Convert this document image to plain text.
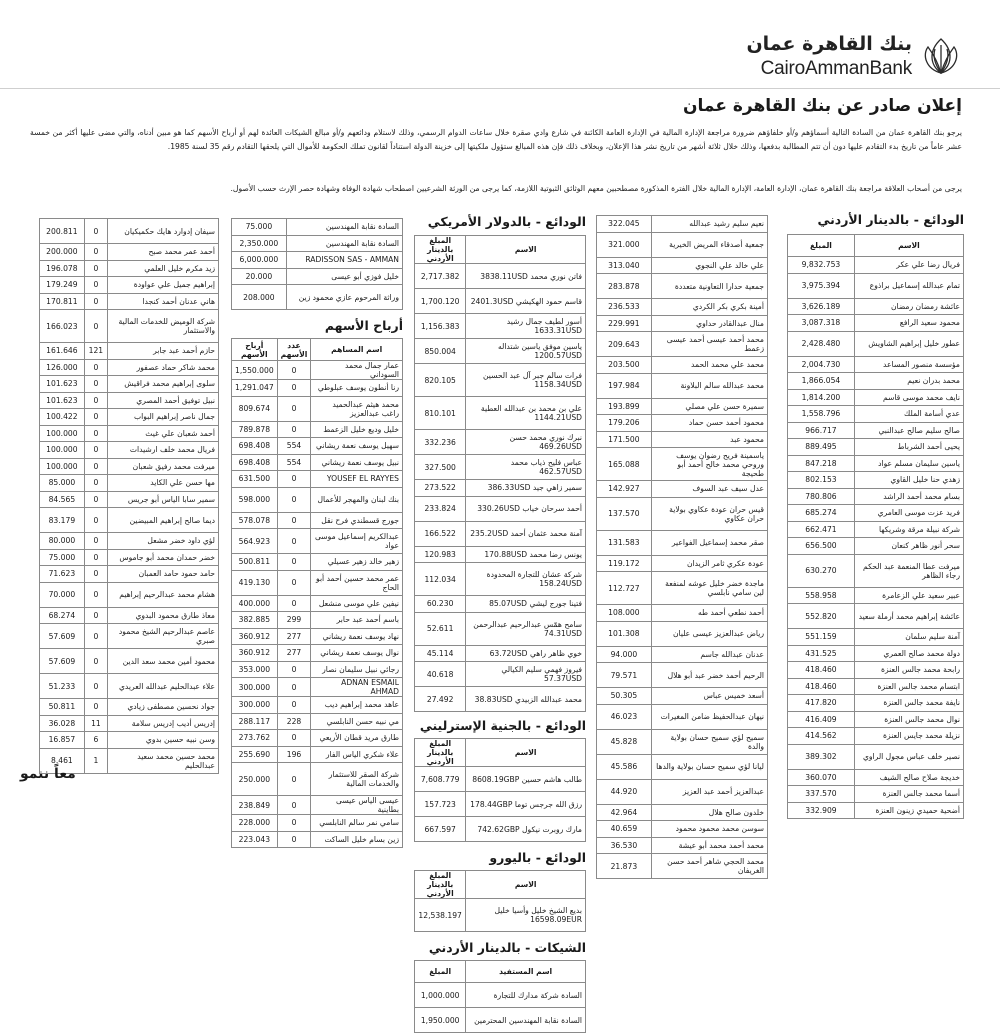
بنك القاهرة عمان
CairoAmmanBank
إعلان صادر عن بنك القاهرة عمان
يرجو بنك القاهرة عمان من السادة التالية أسماؤهم و/أو خلفاؤهم ضرورة مراجعة الإدارة المالية في الإدارة العامة الكائنة في شارع وادي صقرة خلال ساعات الدوام الرسمي، وذلك لاستلام ودائعهم و/أو مبالغ الشيكات العائدة لهم أو أرباح الأسهم كما هو مبين أدناه، والتي مضى عليها أكثر من خمسة عشر عاماً من تاريخ بدء التقادم عليها دون أن تتم المطالبة بدفعها، وذلك خلال ثلاثة أشهر من تاريخ نشر هذا الإعلان، وبخلاف ذلك فإن هذه المبالغ ستؤول ملكيتها إلى خزينة الدولة استناداً لقانون تملك الحكومة للأموال التي يلحقها التقادم رقم 35 لسنة 1985.
يرجى من أصحاب العلاقة مراجعة بنك القاهرة عمان، الإدارة العامة، الإدارة المالية خلال الفترة المذكورة مصطحبين معهم الوثائق الثبوتية اللازمة، كما يرجى من الورثة الشرعيين اصطحاب شهادة الوفاة وشهادة حصر الإرث حسب الأصول.
الودائع - بالدينار الأردني
الاسم	المبلغ
فريال رضا علي عكر	9,832.753
تمام عبدالله إسماعيل براذوع	3,975.394
عائشة رمضان رمضان	3,626.189
محمود سعيد الرافع	3,087.318
عطور خليل إبراهيم الشاويش	2,428.480
مؤسسة منصور المساعد	2,004.730
محمد بدران نعيم	1,866.054
نايف محمد موسى قاسم	1,814.200
عدي أسامة الملك	1,558.796
صالح سليم صالح عبدالنبي	966.717
يحيى أحمد الشرباط	889.495
ياسين سليمان مسلم عواد	847.218
زهدي حنا خليل القاوي	802.153
بسام محمد أحمد الراشد	780.806
فريد عزت موسى العامري	685.274
شركة نبيلة مرقة وشريكها	662.471
سحر أنور ظاهر كنعان	656.500
ميرفت عطا المنعمة عبد الحكم رجاء الظاهر	630.270
عبير سعيد علي الزعامرة	558.958
عائشة إبراهيم محمد أرملة سعيد	552.820
آمنة سليم سلمان	551.159
دولة محمد صالح العمري	431.525
رابحة محمد جالس العنزة	418.460
ابتسام محمد جالس العنزة	418.460
نايفة محمد جالس العنزة	417.820
نوال محمد جالس العنزة	416.409
نزيلة محمد جايس العنزة	414.562
نصير خلف عباس مجول الراوي	389.302
خديجة صلاح صالح الشيف	360.070
أسما محمد جالس العنزة	337.570
أضحية حميدي زينون العنزة	332.909
نعيم سليم رشيد عبدالله	322.045
جمعية أصدقاء المريض الخيرية	321.000
علي خالد علي النجوي	313.040
جمعية حدارا التعاونية متعددة	283.878
أمينة بكري بكر الكردي	236.533
منال عبدالقادر حداوي	229.991
محمد أحمد عيسى أحمد عيسى زعمط	209.643
محمد علي محمد الحمد	203.500
محمد عبدالله سالم البلاونة	197.984
سميرة حسن علي مصلي	193.899
محمود أحمد حسن حماد	179.206
محمود عبد	171.500
ياسمينة فريح رضوان يوسف وروحي محمد خالح أحمد أبو طحيجة	165.088
عدل سيف عبد السوف	142.927
قيس حران عودة عكاوي بولاية حران عكاوي	137.570
صقر محمد إسماعيل الفواعير	131.583
عودة عكري ثامر الزيدان	119.172
ماجدة خضر خليل عوشه لمنفعة لين سامي نابلسي	112.727
أحمد نطعي أحمد طه	108.000
رياض عبدالعزيز عيسى عليان	101.308
عدنان عبدالله جاسم	94.000
الرحيم أحمد خضر عبد أبو هلال	79.571
أسعد خميس عباس	50.305
نيهان عبدالحفيظ ضامن المغيرات	46.023
سميح لؤي سميح حسان بولاية والدة	45.828
ليانا لؤي سميح حسان بولاية والدها	45.586
عبدالعزيز أحمد عبد العزيز	44.920
خلدون صالح هلال	42.964
سوسن محمد محمود محمود	40.659
محمد أحمد محمد أبو عيشة	36.530
محمد الحجي شاهر أحمد حسن الغريفان	21.873
الودائع - بالدولار الأمريكي
الاسم	المبلغ بالدينار الأردني
فاتن نوري محمد 3838.11USD	2,717.382
قاسم حمود الهكيشي 2401.3USD	1,700.120
أسور لطيف جمال رشيد 1633.31USD	1,156.383
ياسين موفق ياسين شتداله 1200.57USD	850.004
فرات سالم جبر آل عبد الحسين 1158.34USD	820.105
علي بن محمد بن عبدالله العطية 1144.21USD	810.101
نبرك نوري محمد حسن 469.26USD	332.236
عباس فليح ذياب محمد 462.57USD	327.500
سمير زاهي جيد 386.33USD	273.522
أحمد سرحان خياب 330.26USD	233.824
آمنة محمد عثمان أحمد 235.2USD	166.522
يونس رضا محمد 170.88USD	120.983
شركة عشان للتجارة المحدودة 158.24USD	112.034
فتينا جورج ليشي 85.07USD	60.230
سامح همّس عبدالرحيم عبدالرحمن 74.31USD	52.611
خوي ظاهر راهي 63.72USD	45.114
فيروز فهمي سليم الكيالي 57.37USD	40.618
محمد عبدالله الزبيدي 38.83USD	27.492
الودائع - بالجنية الإسترليني
الاسم	المبلغ بالدينار الأردني
طالب هاشم حسين 8608.19GBP	7,608.779
رزق الله جرجس توما 178.44GBP	157.723
مارك روبرت نيكول 742.62GBP	667.597
الودائع - باليورو
الاسم	المبلغ بالدينار الأردني
بديع الشيخ خليل وأسيا خليل 16598.09EUR	12,538.197
الشيكات - بالدينار الأردني
اسم المستفيد	المبلغ
السادة شركة مدارك للتجارة	1,000.000
السادة نقابة المهندسين المحترمين	1,950.000
السادة نقابة المهندسين	75.000
السادة نقابة المهندسين	2,350.000
RADISSON SAS - AMMAN	6,000.000
خليل فوزي أبو عيسى	20.000
وراثة المرحوم عازي محمود زين	208.000
أرباح الأسهم
اسم المساهم	عدد الأسهم	أرباح الأسهم
عمار جمال محمد السوداني	0	1,550.000
رنا أنطون يوسف عبلوطي	0	1,291.047
محمد هيثم عبدالحميد راغب عبدالعزيز	0	809.674
خليل وديع خليل الزعمط	0	789.878
سهيل يوسف نعمة ريشاني	554	698.408
نبيل يوسف نعمة ريشاني	554	698.408
YOUSEF EL RAYYES	0	631.500
بنك لبنان والمهجر للأعمال	0	598.000
جورج قسطندي فرح نقل	0	578.078
عبدالكريم إسماعيل موسى عواد	0	564.923
زهير خالد زهير عسيلي	0	500.811
عمر محمد حسين أحمد أبو الحاج	0	419.130
نيفين علي موسى منشعل	0	400.000
باسم أحمد عبد حابر	299	382.885
نهاد يوسف نعمة ريشاني	277	360.912
نوال يوسف نعمة ريشاني	277	360.912
رجائي نبيل سليمان نصار	0	353.000
ADNAN ESMAIL AHMAD	0	300.000
عاهد محمد إبراهيم ديب	0	300.000
مي نبيه حسن النابلسي	228	288.117
طارق مريد قطان الأريعي	0	273.762
علاء شكري الياس الفار	196	255.690
شركة الصقر للاستثمار والخدمات المالية	0	250.000
عيسى الياس عيسى بطاينية	0	238.849
سامي نمر سالم النابلسي	0	228.000
زين بسام خليل الساكت	0	223.043
سيفان إدوارد هايك حكميكيان	0	200.811
أحمد عمر محمد صبح	0	200.000
زيد مكرم خليل العلمي	0	196.078
إبراهيم جميل علي عواودة	0	179.249
هاني عدنان أحمد كنجدا	0	170.811
شركة الوميض للخدمات المالية والاستثمار	0	166.023
حازم أحمد عبد جابر	121	161.646
محمد شاكر حماد عصفور	0	126.000
سلوى إبراهيم محمد فراقيش	0	101.623
نبيل توفيق أحمد المصري	0	101.623
جمال ناصر إبراهيم البواب	0	100.422
أحمد شعبان علي غيث	0	100.000
فريال محمد خلف ارشيدات	0	100.000
ميرفت محمد رفيق شعبان	0	100.000
مها حسن علي الكايد	0	85.000
سمير سابا الياس أبو جريس	0	84.565
ديما صالح إبراهيم المبيضين	0	83.179
لؤي داود خضر مشعل	0	80.000
خضر حمدان محمد أبو جاموس	0	75.000
حامد حمود حامد العمبان	0	71.623
هشام محمد عبدالرحيم إبراهيم	0	70.000
معاذ طارق محمود البدوي	0	68.274
عاصم عبدالرحيم الشيخ محمود صبري	0	57.609
محمود أمين محمد سعد الدين	0	57.609
علاء عبدالحليم عبدالله العريدي	0	51.233
جواد نحسين مصطفى زيادي	0	50.811
إدريس أديب إدريس سلامة	11	36.028
وسن نبيه حسين بدوي	6	16.857
محمد حسين محمد سعيد عبدالحليم	1	8.461
معاً ننمو
